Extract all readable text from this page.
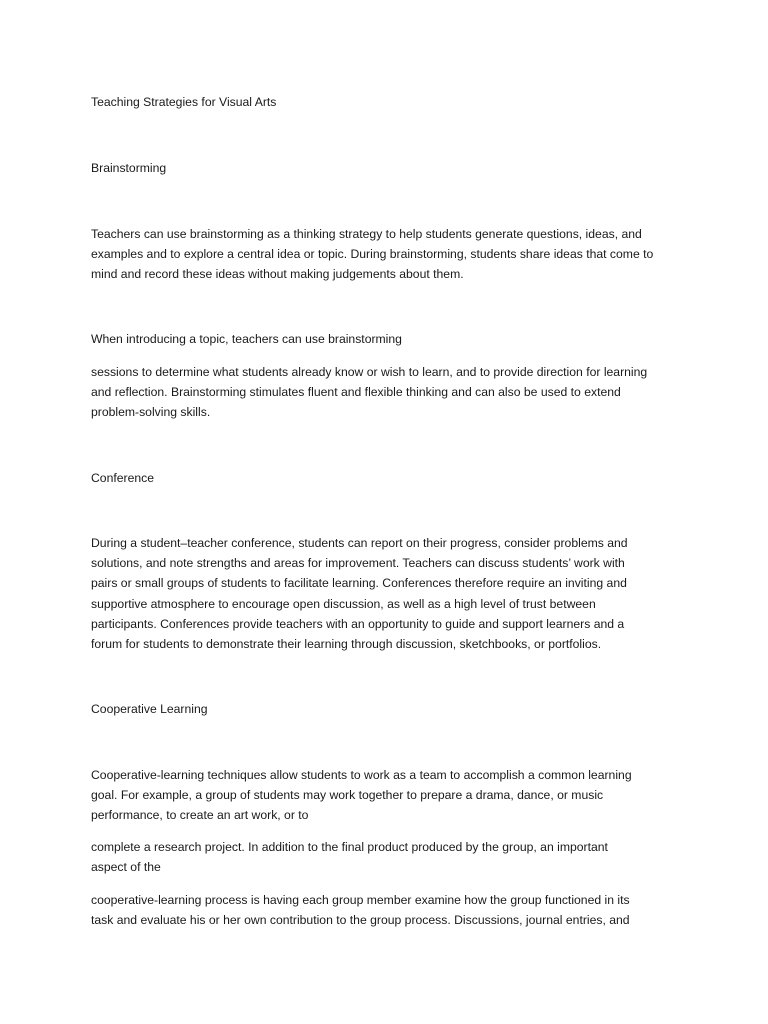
Teaching Strategies for Visual Arts
Brainstorming
Teachers can use brainstorming as a thinking strategy to help students generate questions, ideas, and
examples and to explore a central idea or topic. During brainstorming, students share ideas that come to
mind and record these ideas without making judgements about them.
When introducing a topic, teachers can use brainstorming
sessions to determine what students already know or wish to learn, and to provide direction for learning
and reflection. Brainstorming stimulates fluent and flexible thinking and can also be used to extend
problem-solving skills.
Conference
During a student–teacher conference, students can report on their progress, consider problems and
solutions, and note strengths and areas for improvement. Teachers can discuss students’ work with
pairs or small groups of students to facilitate learning. Conferences therefore require an inviting and
supportive atmosphere to encourage open discussion, as well as a high level of trust between
participants. Conferences provide teachers with an opportunity to guide and support learners and a
forum for students to demonstrate their learning through discussion, sketchbooks, or portfolios.
Cooperative Learning
Cooperative-learning techniques allow students to work as a team to accomplish a common learning
goal. For example, a group of students may work together to prepare a drama, dance, or music
performance, to create an art work, or to
complete a research project. In addition to the final product produced by the group, an important
aspect of the
cooperative-learning process is having each group member examine how the group functioned in its
task and evaluate his or her own contribution to the group process. Discussions, journal entries, and
